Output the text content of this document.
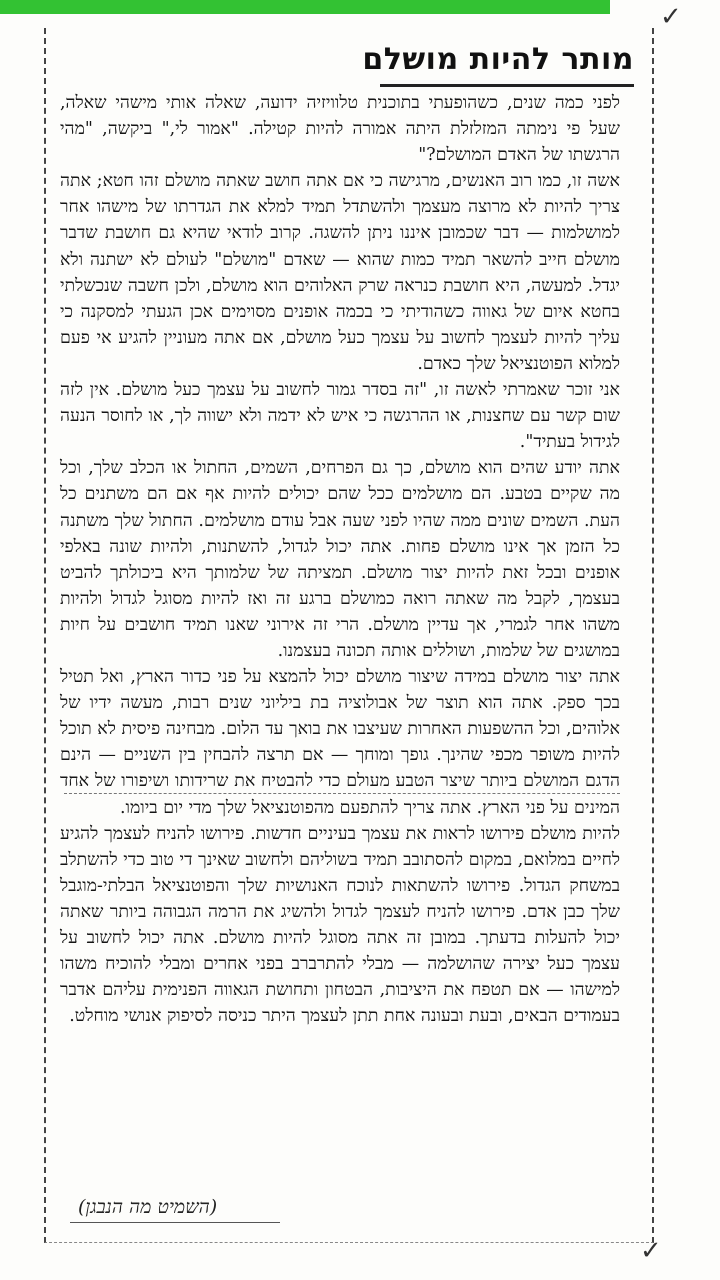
✓
✓
מותר להיות מושלם

לפני כמה שנים, כשהופעתי בתוכנית טלוויזיה ידועה, שאלה אותי מישהי שאלה, שעל פי נימתה המזלזלת היתה אמורה להיות קטילה. "אמור לי," ביקשה, "מהי הרגשתו של האדם המושלם?"

אשה זו, כמו רוב האנשים, מרגישה כי אם אתה חושב שאתה מושלם זהו חטא; אתה צריך להיות לא מרוצה מעצמך ולהשתדל תמיד למלא את הגדרתו של מישהו אחר למושלמות — דבר שכמובן איננו ניתן להשגה. קרוב לודאי שהיא גם חושבת שדבר מושלם חייב להשאר תמיד כמות שהוא — שאדם "מושלם" לעולם לא ישתנה ולא יגדל. למעשה, היא חושבת כנראה שרק האלוהים הוא מושלם, ולכן חשבה שנכשלתי בחטא איום של גאווה כשהודיתי כי בכמה אופנים מסוימים אכן הגעתי למסקנה כי עליך להיות לעצמך לחשוב על עצמך כעל מושלם, אם אתה מעוניין להגיע אי פעם למלוא הפוטנציאל שלך כאדם.

אני זוכר שאמרתי לאשה זו, "זה בסדר גמור לחשוב על עצמך כעל מושלם. אין לזה שום קשר עם שחצנות, או ההרגשה כי איש לא ידמה ולא ישווה לך, או לחוסר הנעה לגידול בעתיד".

אתה יודע שהים הוא מושלם, כך גם הפרחים, השמים, החתול או הכלב שלך, וכל מה שקיים בטבע. הם מושלמים ככל שהם יכולים להיות אף אם הם משתנים כל העת. השמים שונים ממה שהיו לפני שעה אבל עודם מושלמים. החתול שלך משתנה כל הזמן אך אינו מושלם פחות. אתה יכול לגדול, להשתנות, ולהיות שונה באלפי אופנים ובכל זאת להיות יצור מושלם. תמציתה של שלמותך היא ביכולתך להביט בעצמך, לקבל מה שאתה רואה כמושלם ברגע זה ואז להיות מסוגל לגדול ולהיות משהו אחר לגמרי, אך עדיין מושלם. הרי זה אירוני שאנו תמיד חושבים על חיות במושגים של שלמות, ושוללים אותה תכונה בעצמנו.

אתה יצור מושלם במידה שיצור מושלם יכול להמצא על פני כדור הארץ, ואל תטיל בכך ספק. אתה הוא תוצר של אבולוציה בת ביליוני שנים רבות, מעשה ידיו של אלוהים, וכל ההשפעות האחרות שעיצבו את בואך עד הלום. מבחינה פיסית לא תוכל להיות משופר מכפי שהינך. גופך ומוחך — אם תרצה להבחין בין השניים — הינם הדגם המושלם ביותר שיצר הטבע מעולם כדי להבטיח את שרידותו ושיפורו של אחד המינים על פני הארץ. אתה צריך להתפעם מהפוטנציאל שלך מדי יום ביומו.

להיות מושלם פירושו לראות את עצמך בעיניים חדשות. פירושו להניח לעצמך להגיע לחיים במלואם, במקום להסתובב תמיד בשוליהם ולחשוב שאינך די טוב כדי להשתלב במשחק הגדול. פירושו להשתאות לנוכח האנושיות שלך והפוטנציאל הבלתי-מוגבל שלך כבן אדם. פירושו להניח לעצמך לגדול ולהשיג את הרמה הגבוהה ביותר שאתה יכול להעלות בדעתך. במובן זה אתה מסוגל להיות מושלם. אתה יכול לחשוב על עצמך כעל יצירה שהושלמה — מבלי להתרברב בפני אחרים ומבלי להוכיח משהו למישהו — אם תטפח את היציבות, הבטחון ותחושת הגאווה הפנימית עליהם אדבר בעמודים הבאים, ובעת ובעונה אחת תתן לעצמך היתר כניסה לסיפוק אנושי מוחלט.

(השמיט מה הנבגן)
